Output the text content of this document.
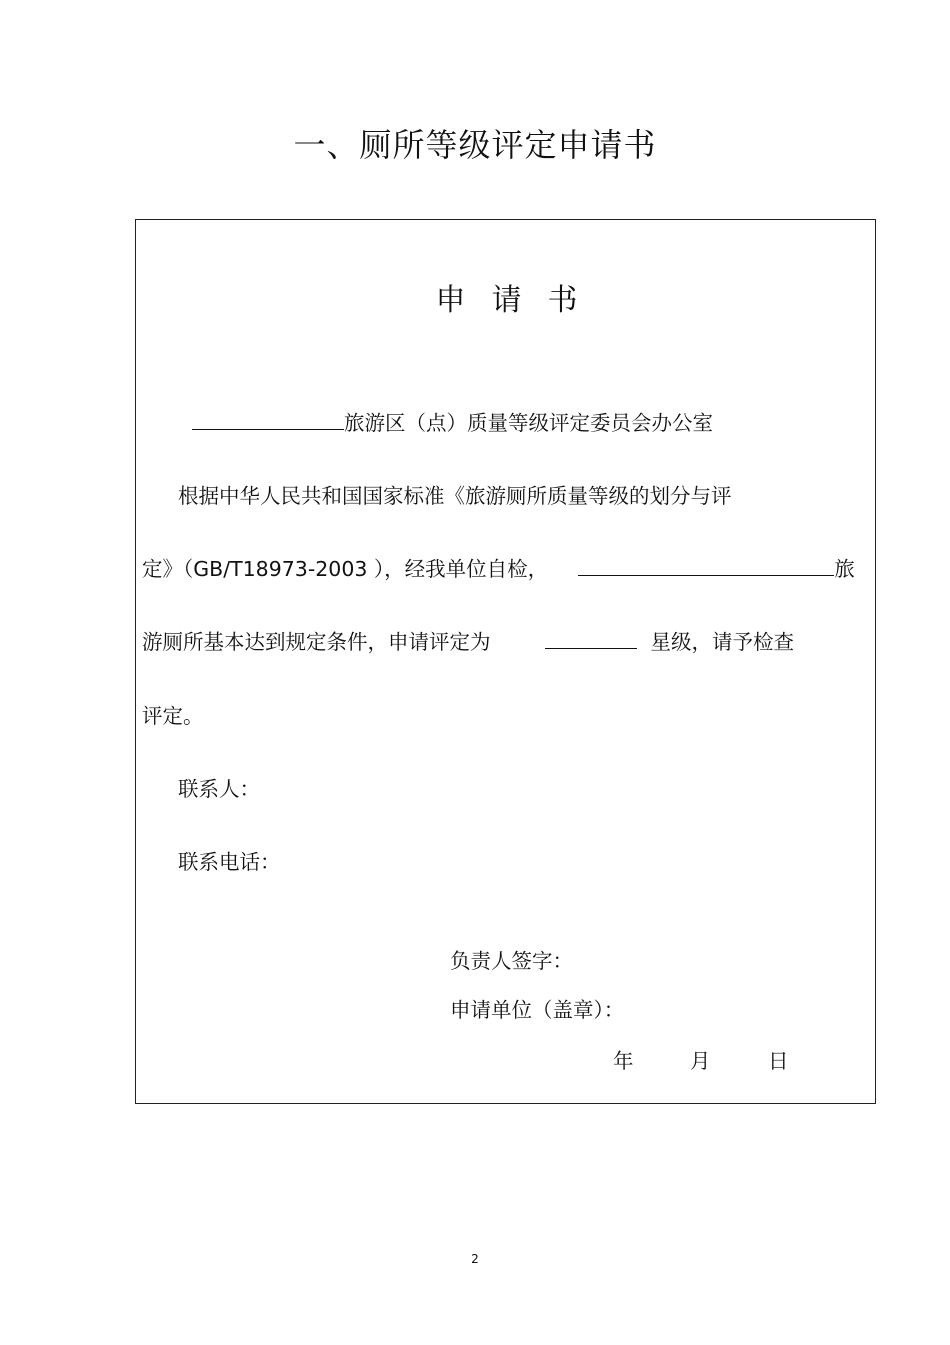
一、厕所等级评定申请书
申请书
旅游区（点）质量等级评定委员会办公室
根据中华人民共和国国家标准《旅游厕所质量等级的划分与评
定》（GB/T18973-2003 ），经我单位自检，	旅
游厕所基本达到规定条件，申请评定为	星级，请予检查
评定。
联系人：
联系电话：
负责人签字：
申请单位（盖章）：
年	月	日
2
